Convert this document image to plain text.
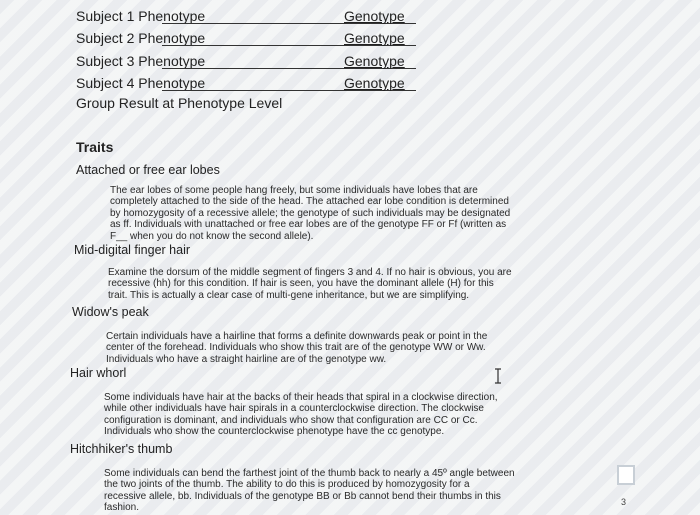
Subject 1 Phenotype	Genotype
Subject 2 Phenotype	Genotype
Subject 3 Phenotype	Genotype
Subject 4 Phenotype	Genotype
Group Result at Phenotype Level
Traits
Attached or free ear lobes
The ear lobes of some people hang freely, but some individuals have lobes that are
completely attached to the side of the head. The attached ear lobe condition is determined
by homozygosity of a recessive allele; the genotype of such individuals may be designated
as ff. Individuals with unattached or free ear lobes are of the genotype FF or Ff (written as
F__ when you do not know the second allele).
Mid-digital finger hair
Examine the dorsum of the middle segment of fingers 3 and 4. If no hair is obvious, you are
recessive (hh) for this condition. If hair is seen, you have the dominant allele (H) for this
trait. This is actually a clear case of multi-gene inheritance, but we are simplifying.
Widow's peak
Certain individuals have a hairline that forms a definite downwards peak or point in the
center of the forehead. Individuals who show this trait are of the genotype WW or Ww.
Individuals who have a straight hairline are of the genotype ww.
Hair whorl
Some individuals have hair at the backs of their heads that spiral in a clockwise direction,
while other individuals have hair spirals in a counterclockwise direction. The clockwise
configuration is dominant, and individuals who show that configuration are CC or Cc.
Individuals who show the counterclockwise phenotype have the cc genotype.
Hitchhiker's thumb
Some individuals can bend the farthest joint of the thumb back to nearly a 45º angle between
the two joints of the thumb. The ability to do this is produced by homozygosity for a
recessive allele, bb. Individuals of the genotype BB or Bb cannot bend their thumbs in this
fashion.
3
